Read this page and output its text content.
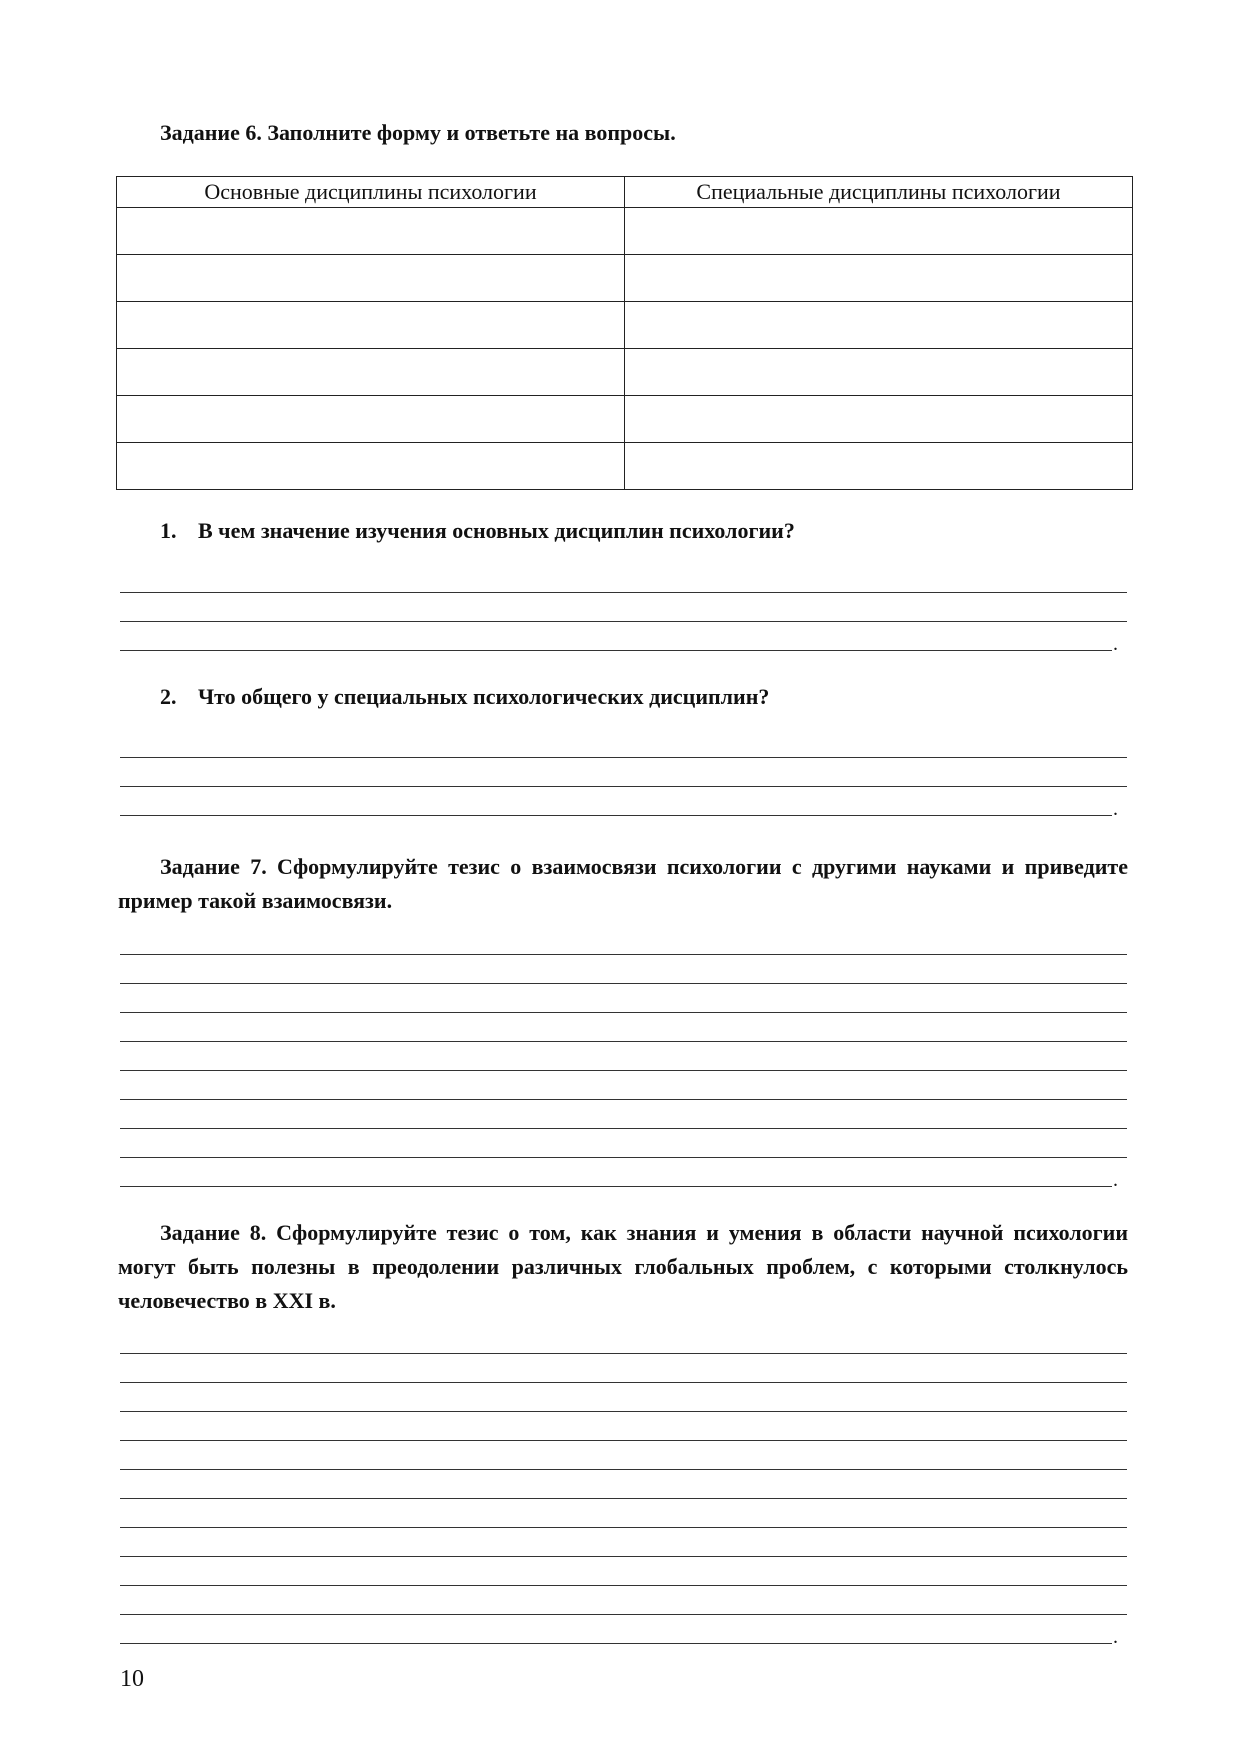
Задание 6. Заполните форму и ответьте на вопросы.
Основные дисциплины психологии	Специальные дисциплины психологии

1. В чем значение изучения основных дисциплин психологии?
.
2. Что общего у специальных психологических дисциплин?
.

Задание 7. Сформулируйте тезис о взаимосвязи психологии с другими науками и приведите пример такой взаимосвязи.

.

Задание 8. Сформулируйте тезис о том, как знания и умения в области научной психологии могут быть полезны в преодолении различных глобальных проблем, с которыми столкнулось человечество в XXI в.

.
10
